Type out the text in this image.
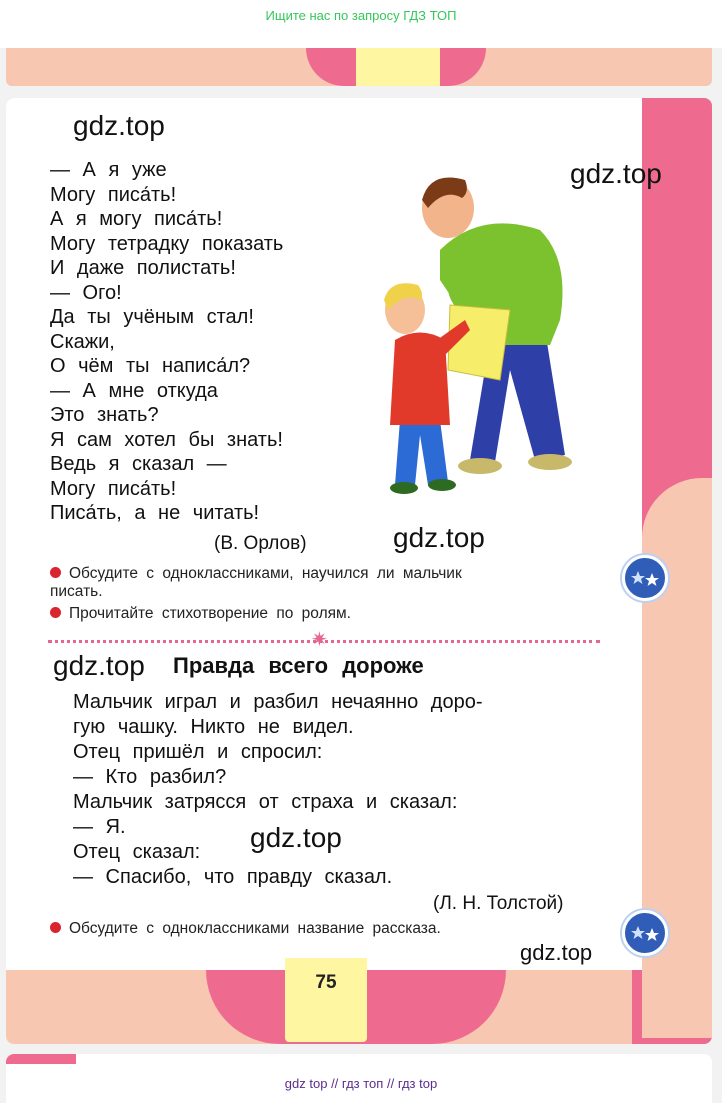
Ищите нас по запросу ГДЗ ТОП
75
gdz.top
gdz.top
gdz.top
gdz.top
gdz.top
gdz.top
— А я уже
Могу писа́ть!
А я могу писа́ть!
Могу тетрадку показать
И даже полистать!
— Ого!
Да ты учёным стал!
Скажи,
О чём ты написа́л?
— А мне откуда
Это знать?
Я сам хотел бы знать!
Ведь я сказал —
Могу писа́ть!
Писа́ть, а не читать!
(В. Орлов)
Обсудите с одноклассниками, научился ли мальчик
писать.
Прочитайте стихотворение по ролям.
✷
Правда всего дороже
Мальчик играл и разбил нечаянно доро-
гую чашку. Никто не видел.
Отец пришёл и спросил:
— Кто разбил?
Мальчик затрясся от страха и сказал:
— Я.
Отец сказал:
— Спасибо, что правду сказал.
(Л. Н. Толстой)
Обсудите с одноклассниками название рассказа.
gdz top // гдз топ // гдз top
